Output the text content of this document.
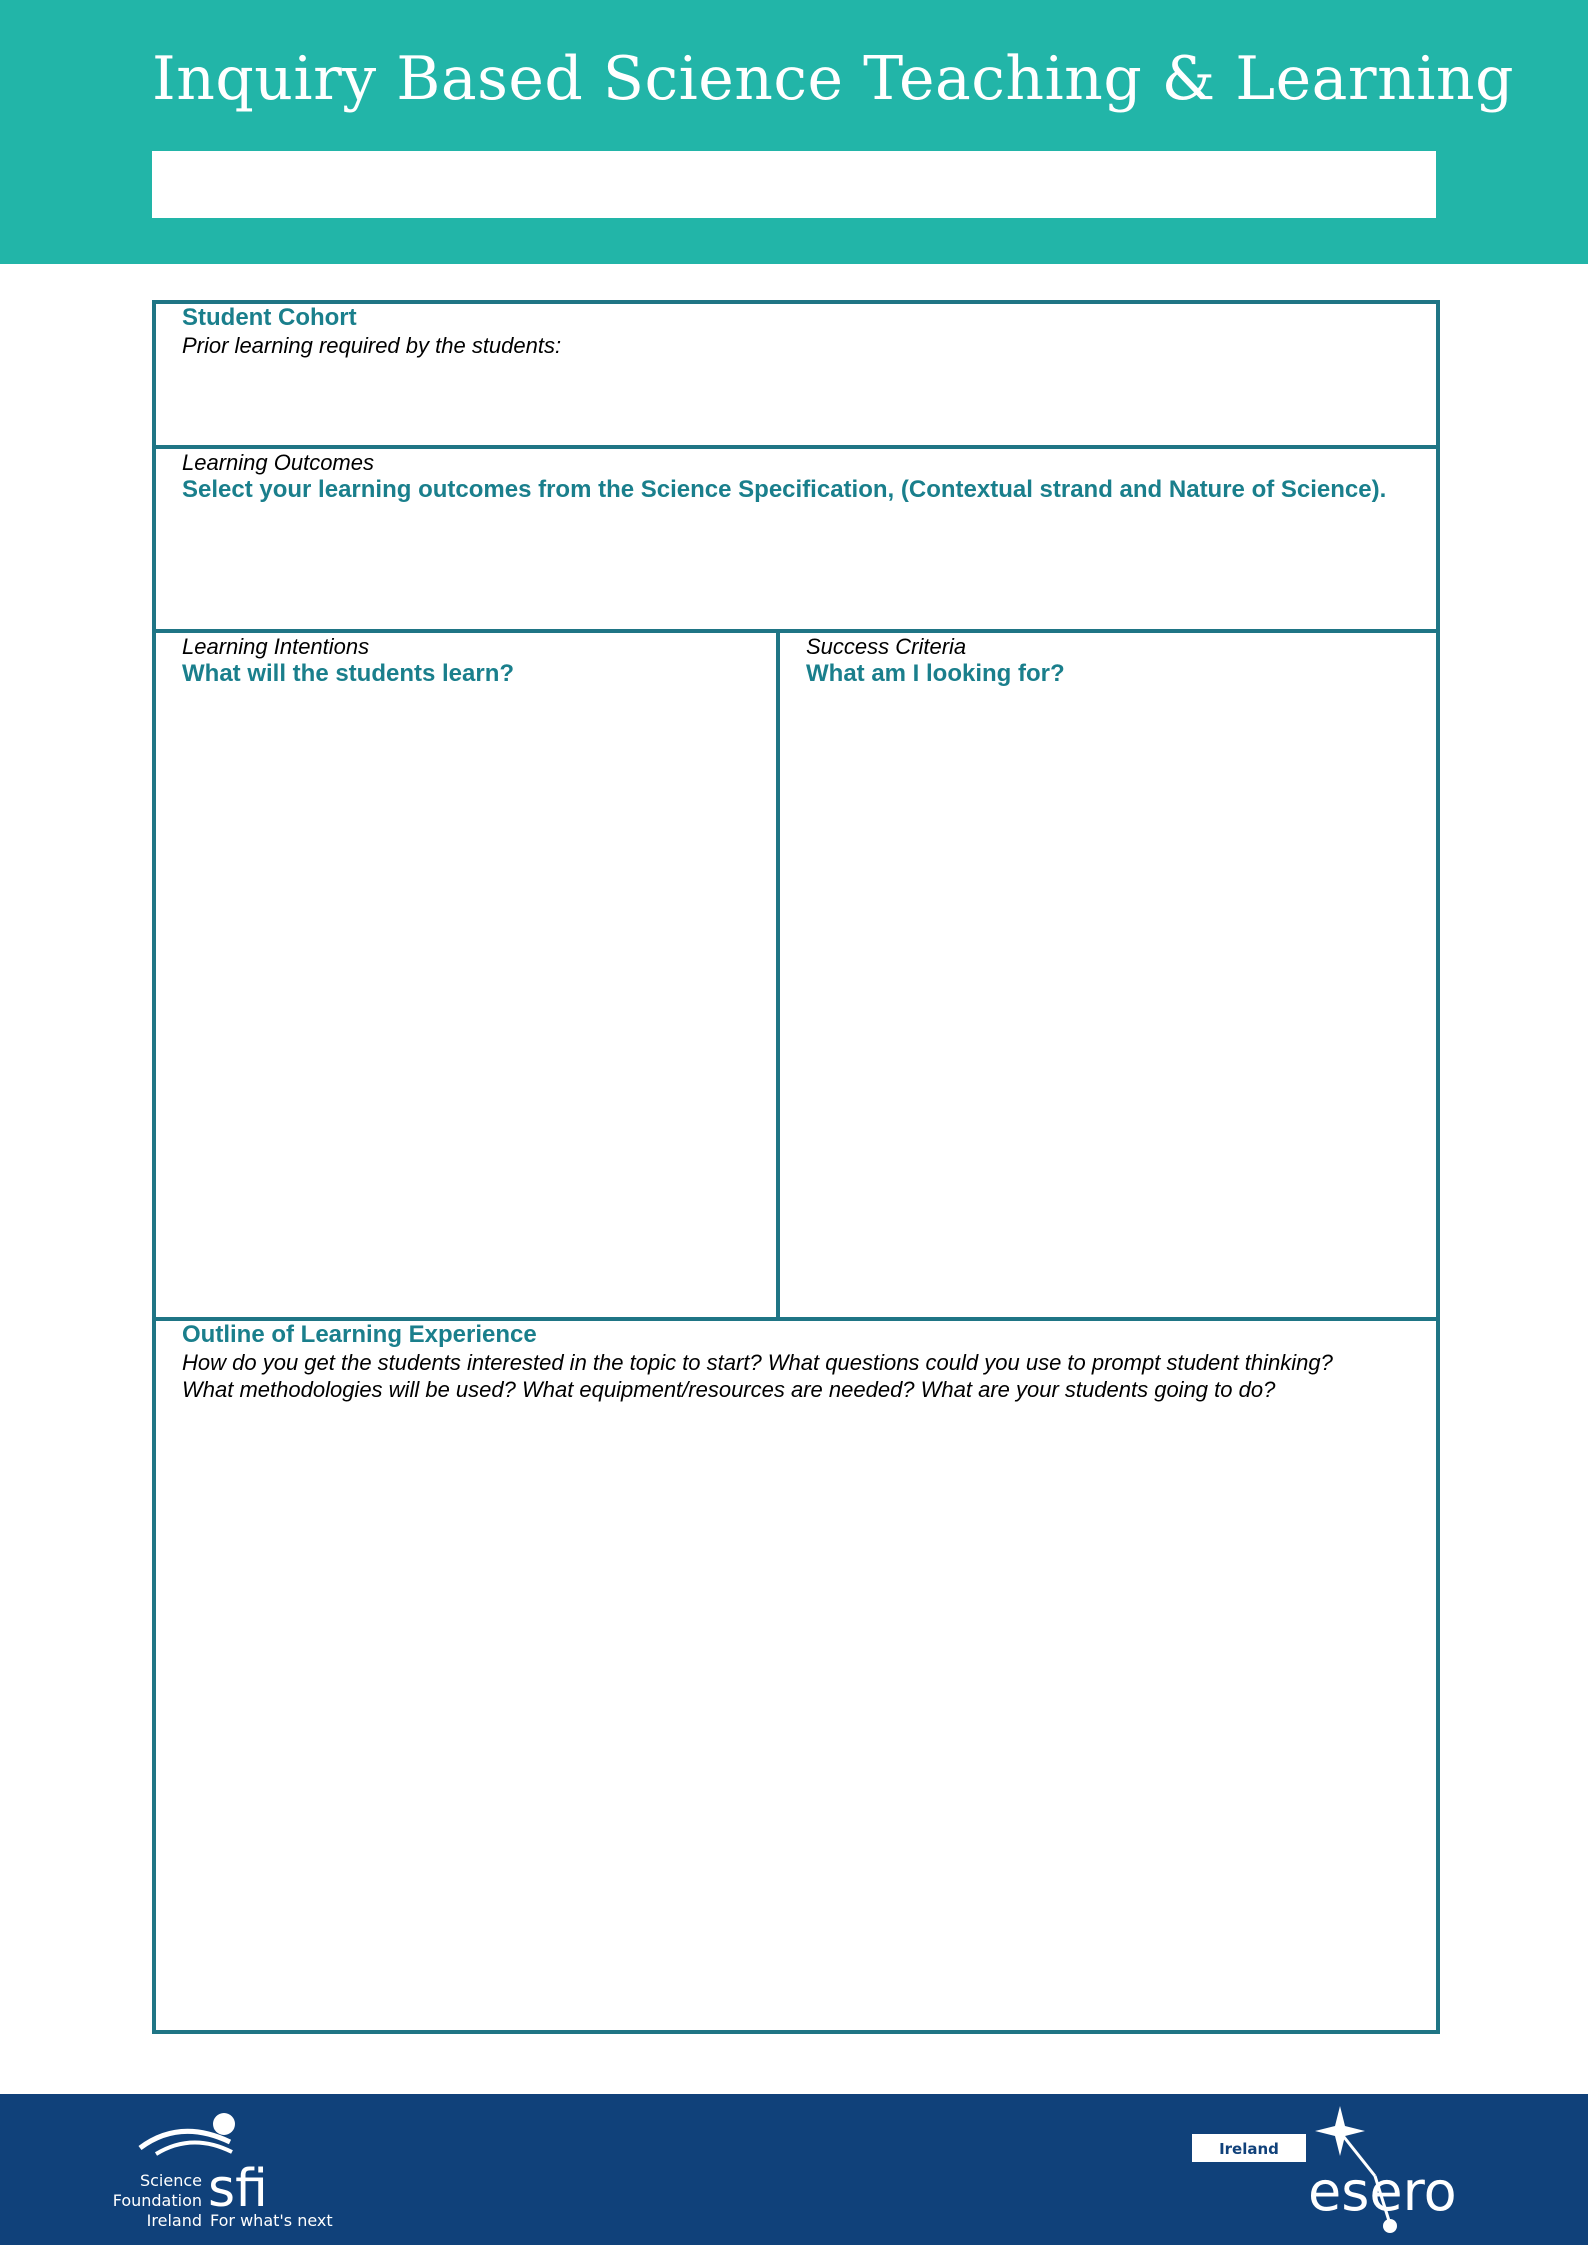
Inquiry Based Science Teaching & Learning
Student Cohort
Prior learning required by the students:
Learning Outcomes
Select your learning outcomes from the Science Specification, (Contextual strand and Nature of Science).
Learning Intentions
What will the students learn?
Success Criteria
What am I looking for?
Outline of Learning Experience
How do you get the students interested in the topic to start? What questions could you use to prompt student thinking?
What methodologies will be used? What equipment/resources are needed? What are your students going to do?
Science
Foundation
Ireland
sfi
For what's next
Ireland
esero
